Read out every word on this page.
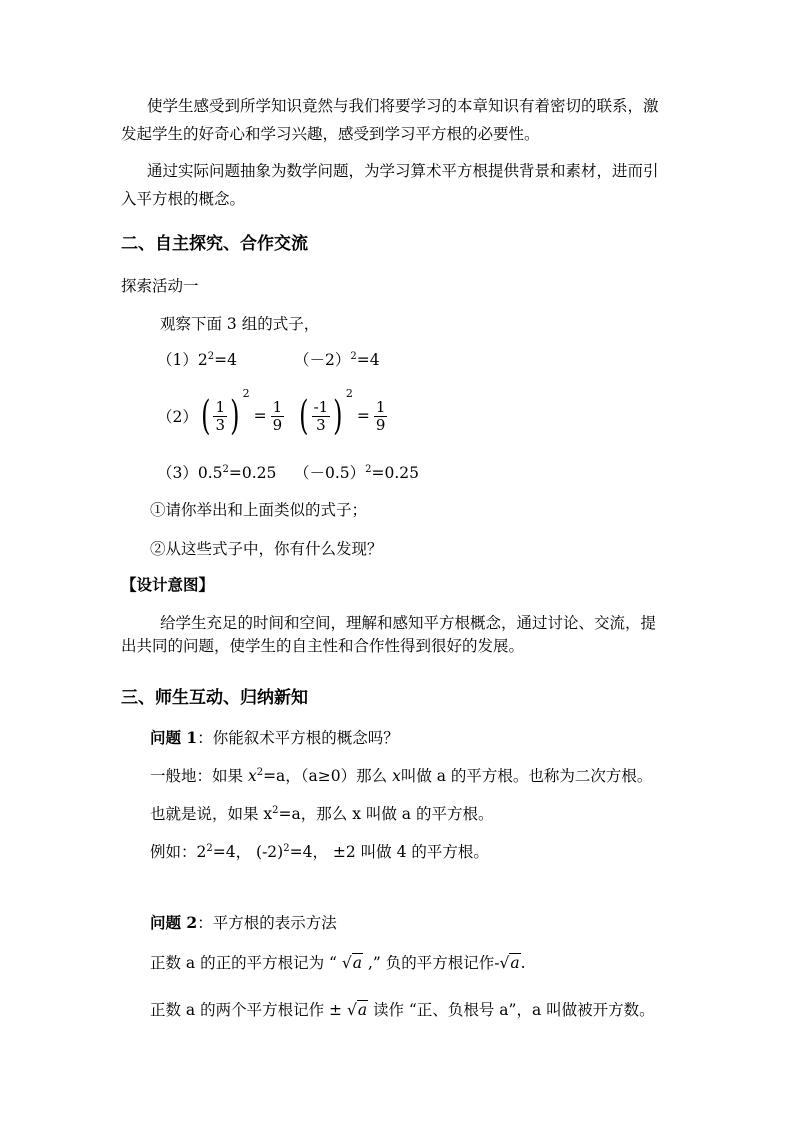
使学生感受到所学知识竟然与我们将要学习的本章知识有着密切的联系，激
发起学生的好奇心和学习兴趣，感受到学习平方根的必要性。
通过实际问题抽象为数学问题，为学习算术平方根提供背景和素材，进而引
入平方根的概念。
二、自主探究、合作交流
探索活动一
观察下面 3 组的式子，
$(1)2^2=4$	$(-2)^2=4$
（2） ( $\frac{1}{3}$ ) 2
= $\frac{1}{9}$ ( $\frac{-1}{3}$ ) 2
= $\frac{1}{9}$
$(3)0.5^2=0.25$ $(-0.5)^2=0.25$
①请你举出和上面类似的式子；
②从这些式子中，你有什么发现？
【设计意图】
给学生充足的时间和空间，理解和感知平方根概念，通过讨论、交流，提
出共同的问题，使学生的自主性和合作性得到很好的发展。
三、师生互动、归纳新知
问题 1：你能叙术平方根的概念吗？
一般地：如果 $x^2=a$，（a≥0）那么 x叫做 a 的平方根。也称为二次方根。
也就是说，如果 $x^2=a$，那么 x 叫做 a 的平方根。
例如：$2^2=4$， $(-2)^2=4$， ±2 叫做 4 的平方根。
问题 2：平方根的表示方法
正数 a 的正的平方根记为 “ √a ,” 负的平方根记作-√a.
正数 a 的两个平方根记作 ± √a 读作 “正、负根号 a”，a 叫做被开方数。
